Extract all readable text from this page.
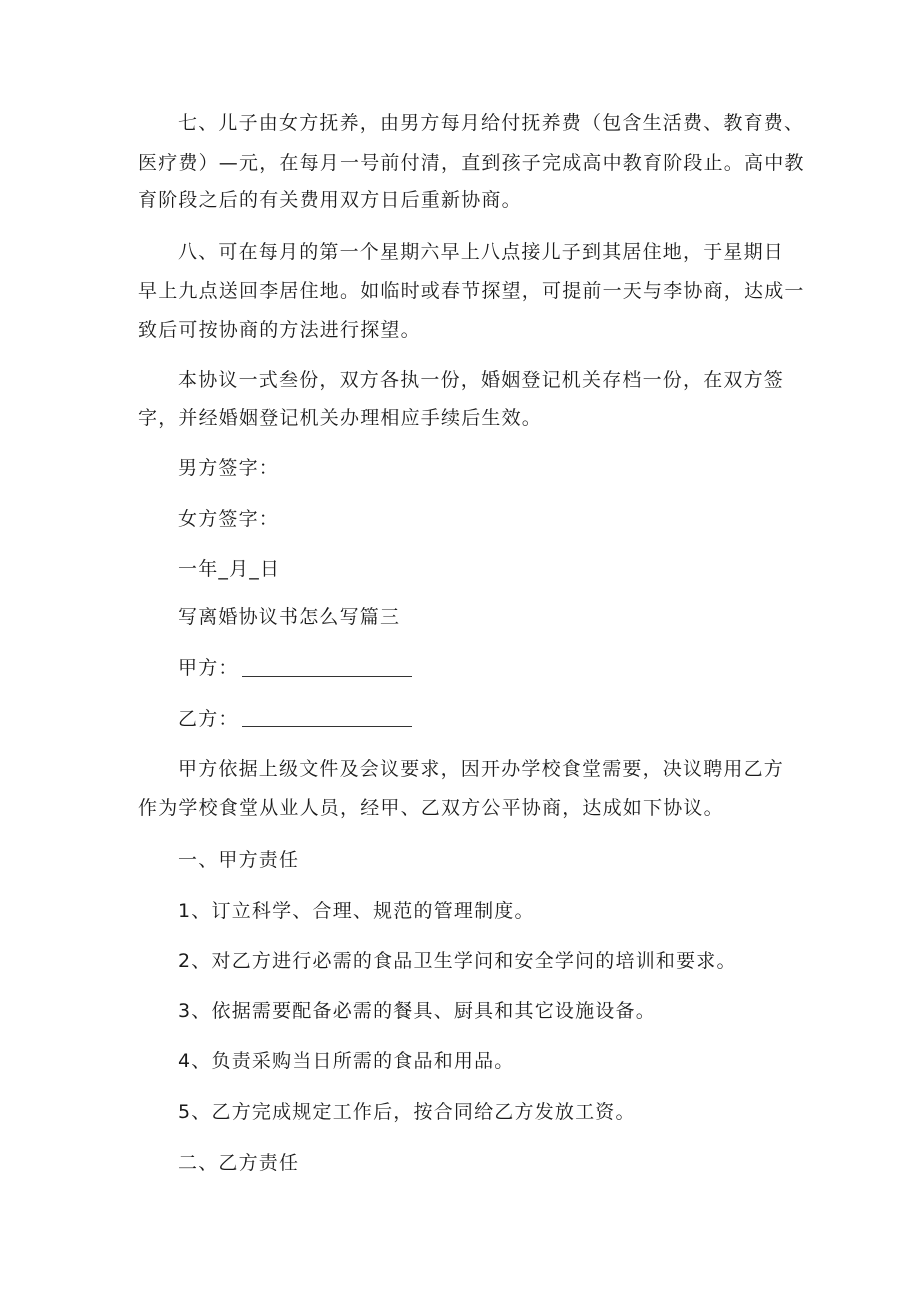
七、儿子由女方抚养，由男方每月给付抚养费（包含生活费、教育费、
医疗费）—元，在每月一号前付清，直到孩子完成高中教育阶段止。高中教
育阶段之后的有关费用双方日后重新协商。
八、可在每月的第一个星期六早上八点接儿子到其居住地，于星期日
早上九点送回李居住地。如临时或春节探望，可提前一天与李协商，达成一
致后可按协商的方法进行探望。
本协议一式叁份，双方各执一份，婚姻登记机关存档一份，在双方签
字，并经婚姻登记机关办理相应手续后生效。
男方签字：
女方签字：
一年_月_日
写离婚协议书怎么写篇三
甲方：
乙方：
甲方依据上级文件及会议要求，因开办学校食堂需要，决议聘用乙方
作为学校食堂从业人员，经甲、乙双方公平协商，达成如下协议。
一、甲方责任
1、订立科学、合理、规范的管理制度。
2、对乙方进行必需的食品卫生学问和安全学问的培训和要求。
3、依据需要配备必需的餐具、厨具和其它设施设备。
4、负责采购当日所需的食品和用品。
5、乙方完成规定工作后，按合同给乙方发放工资。
二、乙方责任
